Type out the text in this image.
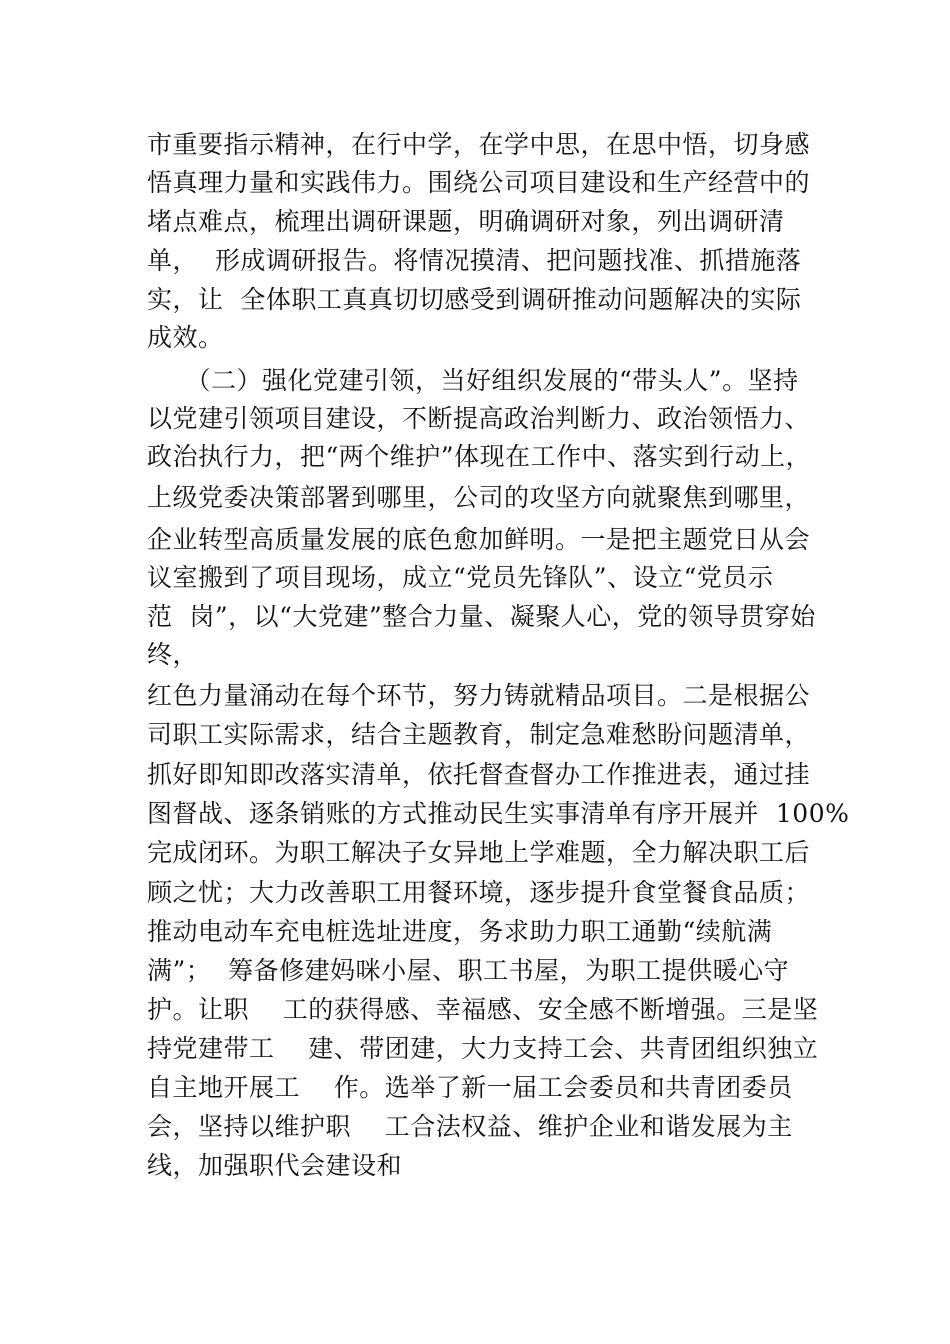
市重要指示精神，在行中学，在学中思，在思中悟，切身感

悟真理力量和实践伟力。围绕公司项目建设和生产经营中的

堵点难点，梳理出调研课题，明确调研对象，列出调研清

单，  形成调研报告。将情况摸清、把问题找准、抓措施落

实，让  全体职工真真切切感受到调研推动问题解决的实际

成效。

　　（二）强化党建引领，当好组织发展的“带头人”。坚持

以党建引领项目建设，不断提高政治判断力、政治领悟力、

政治执行力，把“两个维护”体现在工作中、落实到行动上，

上级党委决策部署到哪里，公司的攻坚方向就聚焦到哪里，

企业转型高质量发展的底色愈加鲜明。一是把主题党日从会

议室搬到了项目现场，成立“党员先锋队”、设立“党员示

范  岗”，以“大党建”整合力量、凝聚人心，党的领导贯穿始

终，

红色力量涌动在每个环节，努力铸就精品项目。二是根据公

司职工实际需求，结合主题教育，制定急难愁盼问题清单，

抓好即知即改落实清单，依托督查督办工作推进表，通过挂

图督战、逐条销账的方式推动民生实事清单有序开展并  100%

完成闭环。为职工解决子女异地上学难题，全力解决职工后

顾之忧；大力改善职工用餐环境，逐步提升食堂餐食品质；

推动电动车充电桩选址进度，务求助力职工通勤“续航满

满”；  筹备修建妈咪小屋、职工书屋，为职工提供暖心守

护。让职    工的获得感、幸福感、安全感不断增强。三是坚

持党建带工    建、带团建，大力支持工会、共青团组织独立

自主地开展工    作。选举了新一届工会委员和共青团委员

会，坚持以维护职    工合法权益、维护企业和谐发展为主

线，加强职代会建设和
